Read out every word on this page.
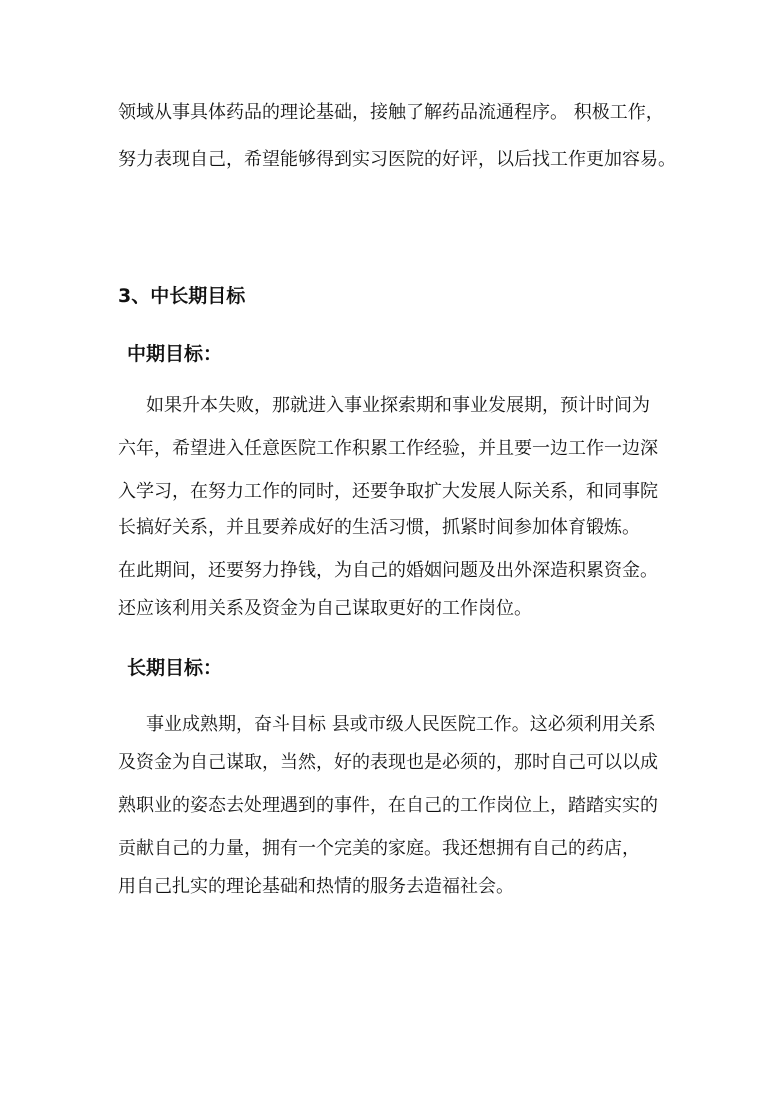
领域从事具体药品的理论基础，接触了解药品流通程序。 积极工作，
努力表现自己，希望能够得到实习医院的好评，以后找工作更加容易。
3、中长期目标
中期目标：
如果升本失败，那就进入事业探索期和事业发展期，预计时间为
六年，希望进入任意医院工作积累工作经验，并且要一边工作一边深
入学习，在努力工作的同时，还要争取扩大发展人际关系，和同事院
长搞好关系，并且要养成好的生活习惯，抓紧时间参加体育锻炼。
在此期间，还要努力挣钱，为自己的婚姻问题及出外深造积累资金。
还应该利用关系及资金为自己谋取更好的工作岗位。
长期目标：
事业成熟期，奋斗目标 县或市级人民医院工作。这必须利用关系
及资金为自己谋取，当然，好的表现也是必须的，那时自己可以以成
熟职业的姿态去处理遇到的事件，在自己的工作岗位上，踏踏实实的
贡献自己的力量，拥有一个完美的家庭。我还想拥有自己的药店，
用自己扎实的理论基础和热情的服务去造福社会。
